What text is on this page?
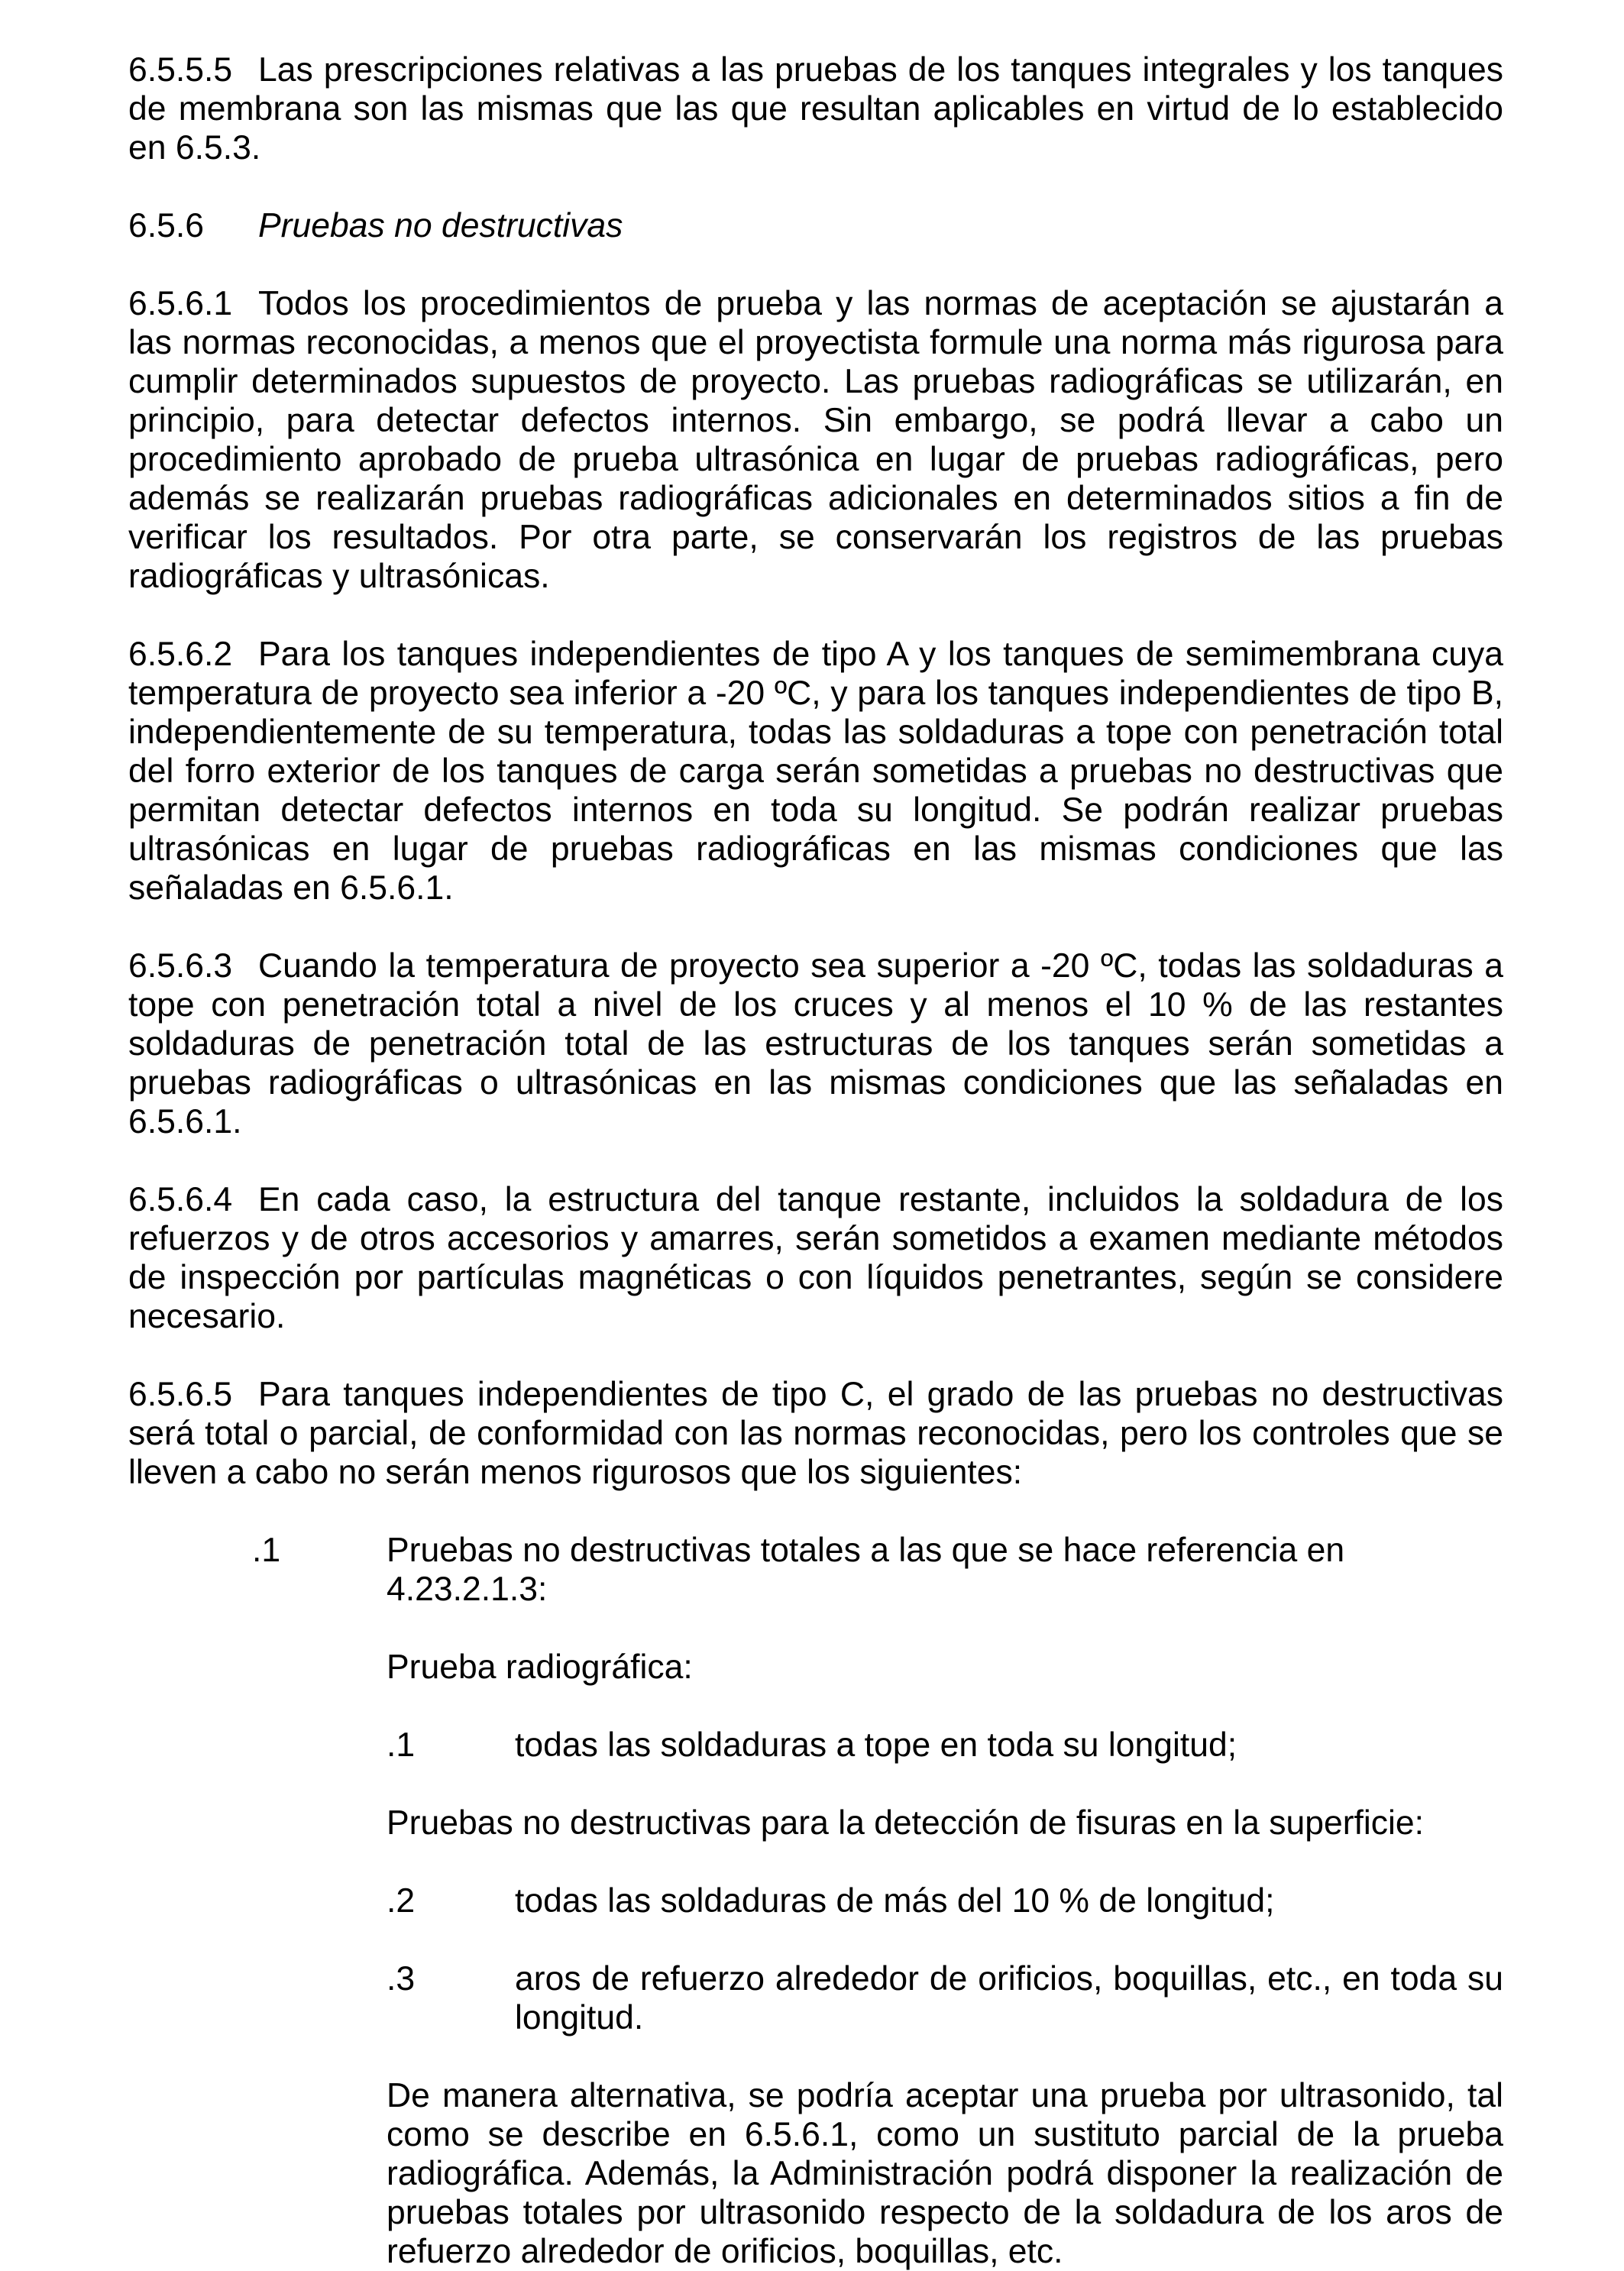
6.5.5.5 Las prescripciones relativas a las pruebas de los tanques integrales y los tanques de membrana son las mismas que las que resultan aplicables en virtud de lo establecido en 6.5.3.

6.5.6 Pruebas no destructivas

6.5.6.1 Todos los procedimientos de prueba y las normas de aceptación se ajustarán a las normas reconocidas, a menos que el proyectista formule una norma más rigurosa para cumplir determinados supuestos de proyecto. Las pruebas radiográficas se utilizarán, en principio, para detectar defectos internos. Sin embargo, se podrá llevar a cabo un procedimiento aprobado de prueba ultrasónica en lugar de pruebas radiográficas, pero además se realizarán pruebas radiográficas adicionales en determinados sitios a fin de verificar los resultados. Por otra parte, se conservarán los registros de las pruebas radiográficas y ultrasónicas.

6.5.6.2 Para los tanques independientes de tipo A y los tanques de semimembrana cuya temperatura de proyecto sea inferior a -20 ºC, y para los tanques independientes de tipo B, independientemente de su temperatura, todas las soldaduras a tope con penetración total del forro exterior de los tanques de carga serán sometidas a pruebas no destructivas que permitan detectar defectos internos en toda su longitud. Se podrán realizar pruebas ultrasónicas en lugar de pruebas radiográficas en las mismas condiciones que las señaladas en 6.5.6.1.

6.5.6.3 Cuando la temperatura de proyecto sea superior a -20 ºC, todas las soldaduras a tope con penetración total a nivel de los cruces y al menos el 10 % de las restantes soldaduras de penetración total de las estructuras de los tanques serán sometidas a pruebas radiográficas o ultrasónicas en las mismas condiciones que las señaladas en 6.5.6.1.

6.5.6.4 En cada caso, la estructura del tanque restante, incluidos la soldadura de los refuerzos y de otros accesorios y amarres, serán sometidos a examen mediante métodos de inspección por partículas magnéticas o con líquidos penetrantes, según se considere necesario.

6.5.6.5 Para tanques independientes de tipo C, el grado de las pruebas no destructivas será total o parcial, de conformidad con las normas reconocidas, pero los controles que se lleven a cabo no serán menos rigurosos que los siguientes:

.1	Pruebas no destructivas totales a las que se hace referencia en 4.23.2.1.3:
Prueba radiográfica:
.1	todas las soldaduras a tope en toda su longitud;
Pruebas no destructivas para la detección de fisuras en la superficie:
.2	todas las soldaduras de más del 10 % de longitud;
.3	aros de refuerzo alrededor de orificios, boquillas, etc., en toda su longitud.
De manera alternativa, se podría aceptar una prueba por ultrasonido, tal como se describe en 6.5.6.1, como un sustituto parcial de la prueba radiográfica. Además, la Administración podrá disponer la realización de pruebas totales por ultrasonido respecto de la soldadura de los aros de refuerzo alrededor de orificios, boquillas, etc.
